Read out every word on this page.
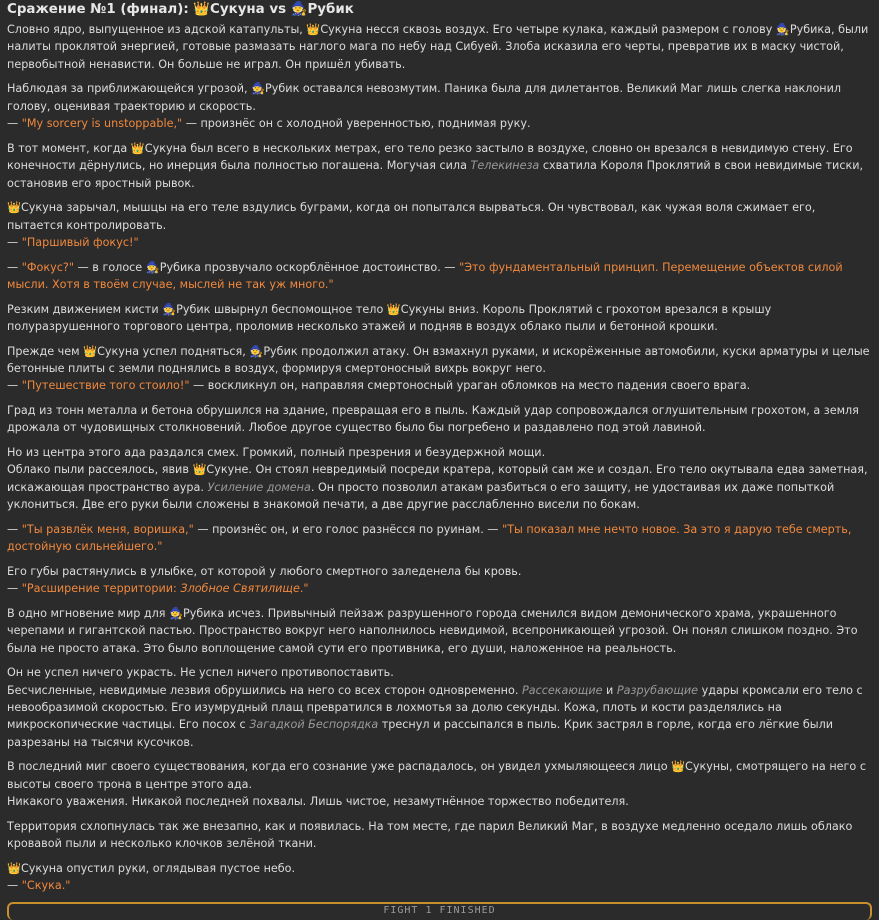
Сражение №1 (финал): 👑Сукуна vs 🧙Рубик

Словно ядро, выпущенное из адской катапульты, 👑Сукуна несся сквозь воздух. Его четыре кулака, каждый размером с голову 🧙Рубика, были налиты проклятой энергией, готовые размазать наглого мага по небу над Сибуей. Злоба исказила его черты, превратив их в маску чистой, первобытной ненависти. Он больше не играл. Он пришёл убивать.

Наблюдая за приближающейся угрозой, 🧙Рубик оставался невозмутим. Паника была для дилетантов. Великий Маг лишь слегка наклонил голову, оценивая траекторию и скорость.
— "My sorcery is unstoppable," — произнёс он с холодной уверенностью, поднимая руку.

В тот момент, когда 👑Сукуна был всего в нескольких метрах, его тело резко застыло в воздухе, словно он врезался в невидимую стену. Его конечности дёрнулись, но инерция была полностью погашена. Могучая сила Телекинеза схватила Короля Проклятий в свои невидимые тиски, остановив его яростный рывок.

👑Сукуна зарычал, мышцы на его теле вздулись буграми, когда он попытался вырваться. Он чувствовал, как чужая воля сжимает его, пытается контролировать.
— "Паршивый фокус!"

— "Фокус?" — в голосе 🧙Рубика прозвучало оскорблённое достоинство. — "Это фундаментальный принцип. Перемещение объектов силой мысли. Хотя в твоём случае, мыслей не так уж много."

Резким движением кисти 🧙Рубик швырнул беспомощное тело 👑Сукуны вниз. Король Проклятий с грохотом врезался в крышу полуразрушенного торгового центра, проломив несколько этажей и подняв в воздух облако пыли и бетонной крошки.

Прежде чем 👑Сукуна успел подняться, 🧙Рубик продолжил атаку. Он взмахнул руками, и искорёженные автомобили, куски арматуры и целые бетонные плиты с земли поднялись в воздух, формируя смертоносный вихрь вокруг него.
— "Путешествие того стоило!" — воскликнул он, направляя смертоносный ураган обломков на место падения своего врага.

Град из тонн металла и бетона обрушился на здание, превращая его в пыль. Каждый удар сопровождался оглушительным грохотом, а земля дрожала от чудовищных столкновений. Любое другое существо было бы погребено и раздавлено под этой лавиной.

Но из центра этого ада раздался смех. Громкий, полный презрения и безудержной мощи.
Облако пыли рассеялось, явив 👑Сукуне. Он стоял невредимый посреди кратера, который сам же и создал. Его тело окутывала едва заметная, искажающая пространство аура. Усиление домена. Он просто позволил атакам разбиться о его защиту, не удостаивая их даже попыткой уклониться. Две его руки были сложены в знакомой печати, а две другие расслабленно висели по бокам.

— "Ты развлёк меня, воришка," — произнёс он, и его голос разнёсся по руинам. — "Ты показал мне нечто новое. За это я дарую тебе смерть, достойную сильнейшего."

Его губы растянулись в улыбке, от которой у любого смертного заледенела бы кровь.
— "Расширение территории: Злобное Святилище."

В одно мгновение мир для 🧙Рубика исчез. Привычный пейзаж разрушенного города сменился видом демонического храма, украшенного черепами и гигантской пастью. Пространство вокруг него наполнилось невидимой, всепроникающей угрозой. Он понял слишком поздно. Это была не просто атака. Это было воплощение самой сути его противника, его души, наложенное на реальность.

Он не успел ничего украсть. Не успел ничего противопоставить.
Бесчисленные, невидимые лезвия обрушились на него со всех сторон одновременно. Рассекающие и Разрубающие удары кромсали его тело с невообразимой скоростью. Его изумрудный плащ превратился в лохмотья за долю секунды. Кожа, плоть и кости разделялись на микроскопические частицы. Его посох с Загадкой Беспорядка треснул и рассыпался в пыль. Крик застрял в горле, когда его лёгкие были разрезаны на тысячи кусочков.

В последний миг своего существования, когда его сознание уже распадалось, он увидел ухмыляющееся лицо 👑Сукуны, смотрящего на него с высоты своего трона в центре этого ада.
Никакого уважения. Никакой последней похвалы. Лишь чистое, незамутнённое торжество победителя.

Территория схлопнулась так же внезапно, как и появилась. На том месте, где парил Великий Маг, в воздухе медленно оседало лишь облако кровавой пыли и несколько клочков зелёной ткани.

👑Сукуна опустил руки, оглядывая пустое небо.
— "Скука."

FIGHT 1 FINISHED
